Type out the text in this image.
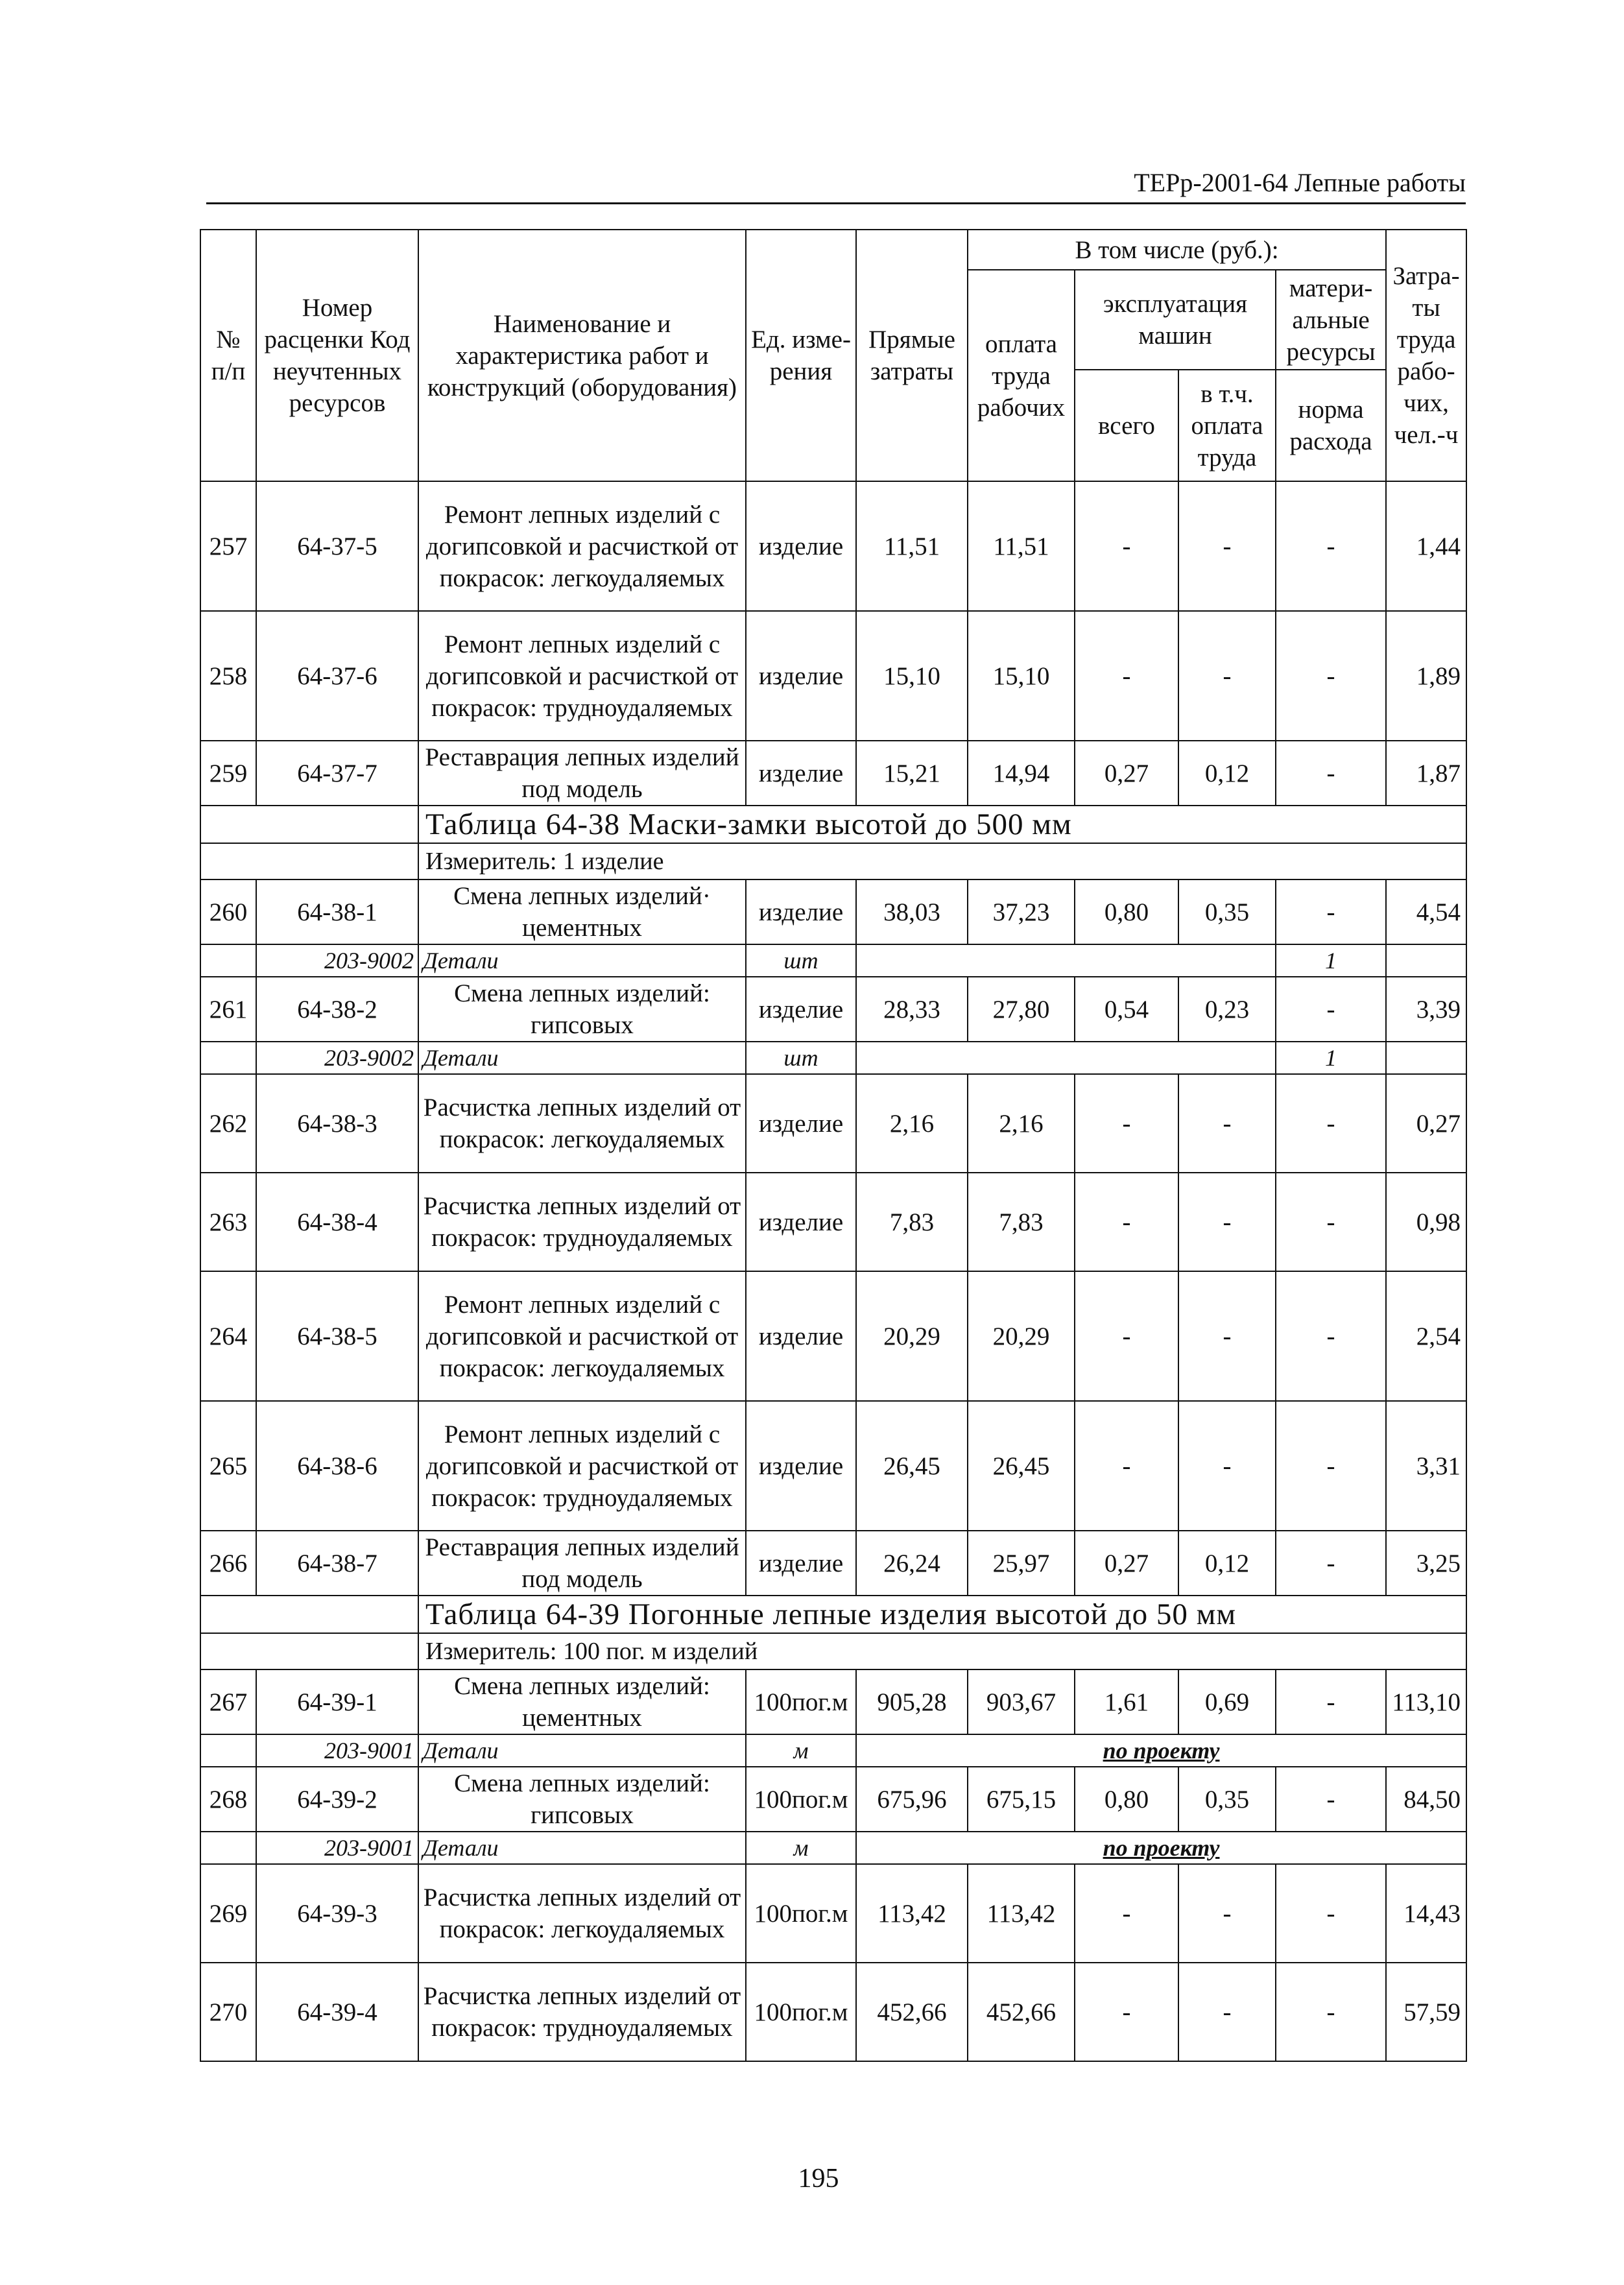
ТЕРр-2001-64 Лепные работы
№ п/п	Номер расценки Код неучтенных ресурсов	Наименование и характеристика работ и конструкций (оборудования)	Ед. изме- рения	Прямые затраты	В том числе (руб.):				Затра- ты труда рабо- чих, чел.-ч
					оплата труда рабочих	эксплуатация машин		матери- альные ресурсы	
						всего	в т.ч. оплата труда	норма расхода	
257	64-37-5	Ремонт лепных изделий с догипсовкой и расчисткой от покрасок: легкоудаляемых	изделие	11,51	11,51	-	-	-	1,44
258	64-37-6	Ремонт лепных изделий с догипсовкой и расчисткой от покрасок: трудноудаляемых	изделие	15,10	15,10	-	-	-	1,89
259	64-37-7	Реставрация лепных изделий под модель	изделие	15,21	14,94	0,27	0,12	-	1,87
		Таблица 64-38 Маски-замки высотой до 500 мм							
		Измеритель: 1 изделие							
260	64-38-1	Смена лепных изделий· цементных	изделие	38,03	37,23	0,80	0,35	-	4,54
	203-9002	Детали	шт					1	
261	64-38-2	Смена лепных изделий: гипсовых	изделие	28,33	27,80	0,54	0,23	-	3,39
	203-9002	Детали	шт					1	
262	64-38-3	Расчистка лепных изделий от покрасок: легкоудаляемых	изделие	2,16	2,16	-	-	-	0,27
263	64-38-4	Расчистка лепных изделий от покрасок: трудноудаляемых	изделие	7,83	7,83	-	-	-	0,98
264	64-38-5	Ремонт лепных изделий с догипсовкой и расчисткой от покрасок: легкоудаляемых	изделие	20,29	20,29	-	-	-	2,54
265	64-38-6	Ремонт лепных изделий с догипсовкой и расчисткой от покрасок: трудноудаляемых	изделие	26,45	26,45	-	-	-	3,31
266	64-38-7	Реставрация лепных изделий под модель	изделие	26,24	25,97	0,27	0,12	-	3,25
		Таблица 64-39 Погонные лепные изделия высотой до 50 мм							
		Измеритель: 100 пог. м изделий							
267	64-39-1	Смена лепных изделий: цементных	100пог.м	905,28	903,67	1,61	0,69	-	113,10
	203-9001	Детали	м	по проекту					
268	64-39-2	Смена лепных изделий: гипсовых	100пог.м	675,96	675,15	0,80	0,35	-	84,50
	203-9001	Детали	м	по проекту					
269	64-39-3	Расчистка лепных изделий от покрасок: легкоудаляемых	100пог.м	113,42	113,42	-	-	-	14,43
270	64-39-4	Расчистка лепных изделий от покрасок: трудноудаляемых	100пог.м	452,66	452,66	-	-	-	57,59
195
